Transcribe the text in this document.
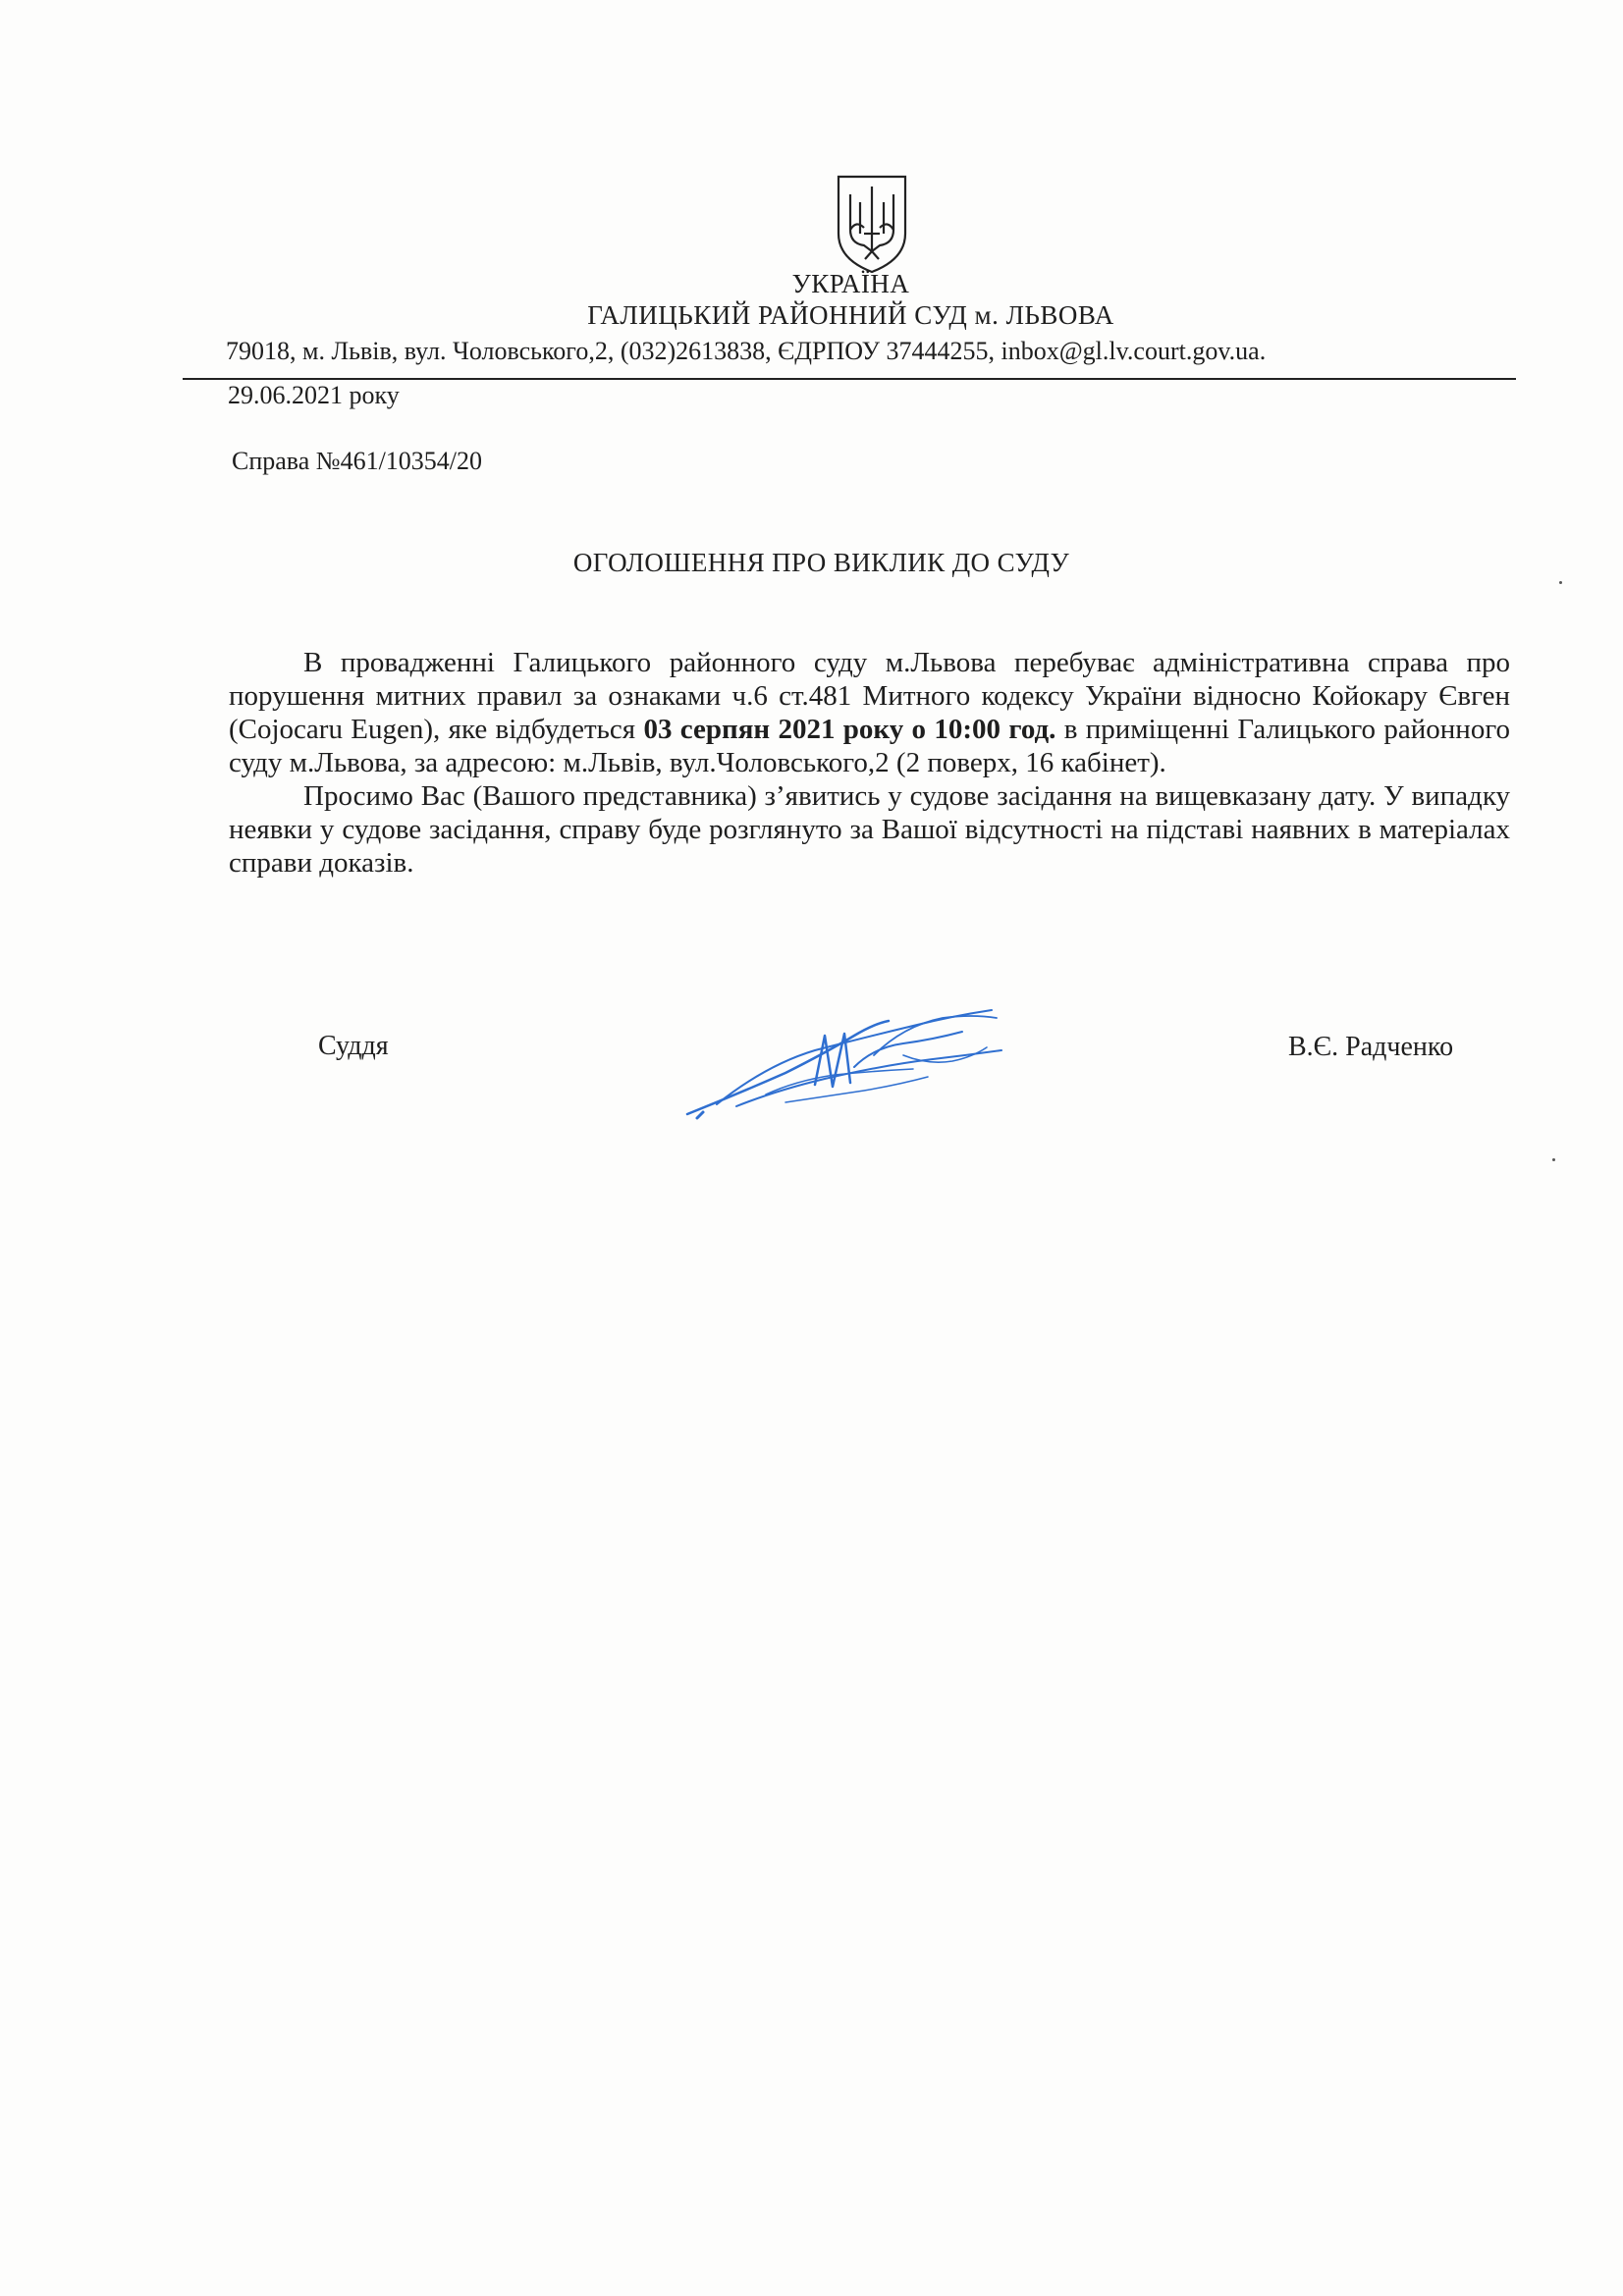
УКРАЇНА
ГАЛИЦЬКИЙ РАЙОННИЙ СУД м. ЛЬВОВА
79018, м. Львів, вул. Чоловського,2, (032)2613838, ЄДРПОУ 37444255, inbox@gl.lv.court.gov.ua.
29.06.2021 року
Справа №461/10354/20
ОГОЛОШЕННЯ ПРО ВИКЛИК ДО СУДУ

В провадженні Галицького районного суду м.Львова перебуває адміністративна справа про порушення митних правил за ознаками ч.6 ст.481 Митного кодексу України відносно Койокару Євген (Cojocaru Eugen), яке відбудеться 03 серпян 2021 року о 10:00 год. в приміщенні Галицького районного суду м.Львова, за адресою: м.Львів, вул.Чоловського,2 (2 поверх, 16 кабінет).

Просимо Вас (Вашого представника) з’явитись у судове засідання на вищевказану дату. У випадку неявки у судове засідання, справу буде розглянуто за Вашої відсутності на підставі наявних в матеріалах справи доказів.

Суддя	В.Є. Радченко
